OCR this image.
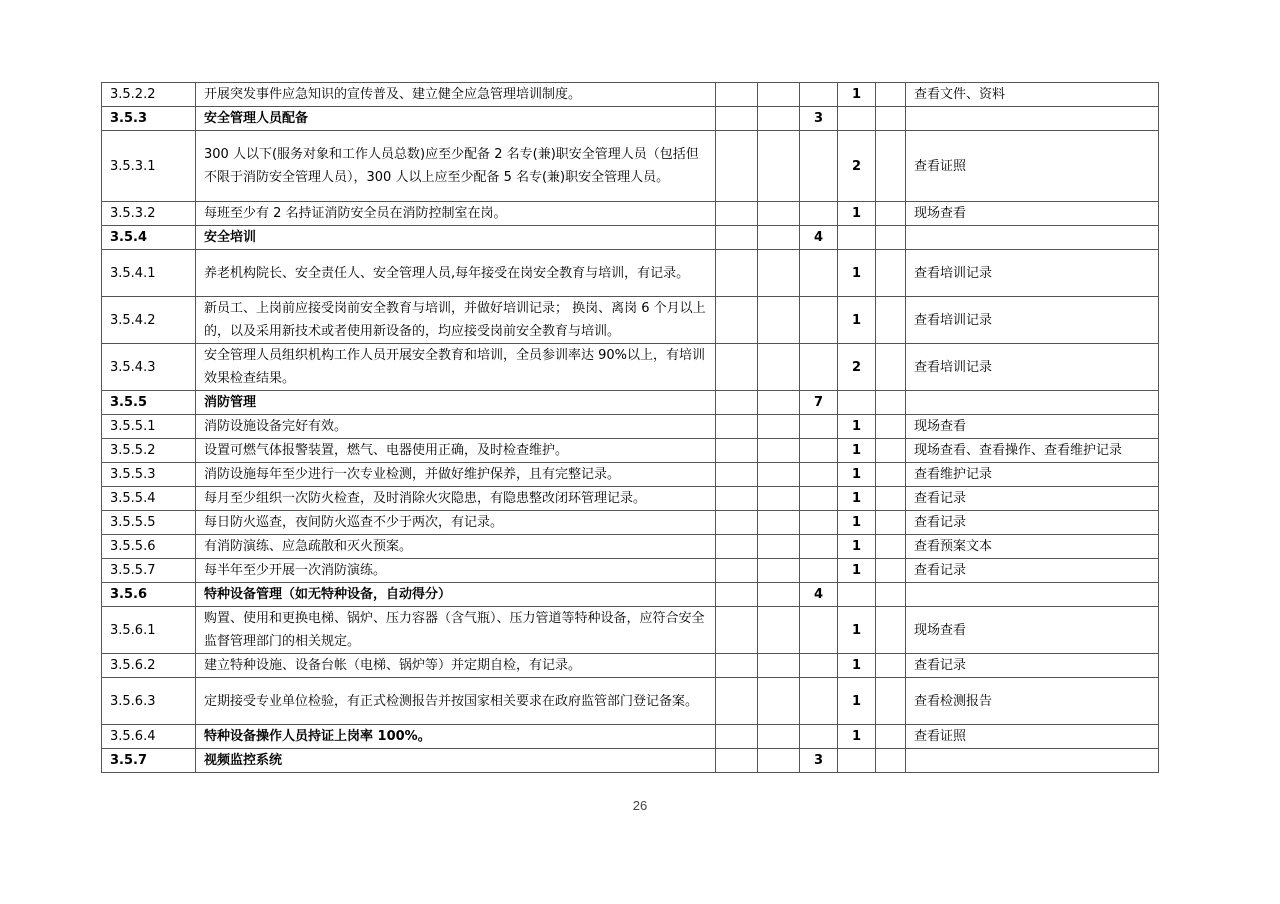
3.5.2.2	开展突发事件应急知识的宣传普及、建立健全应急管理培训制度。				1		查看文件、资料
3.5.3	安全管理人员配备			3			
3.5.3.1	300 人以下(服务对象和工作人员总数)应至少配备 2 名专(兼)职安全管理人员（包括但不限于消防安全管理人员），300 人以上应至少配备 5 名专(兼)职安全管理人员。				2		查看证照
3.5.3.2	每班至少有 2 名持证消防安全员在消防控制室在岗。				1		现场查看
3.5.4	安全培训			4			
3.5.4.1	养老机构院长、安全责任人、安全管理人员,每年接受在岗安全教育与培训，有记录。				1		查看培训记录
3.5.4.2	新员工、上岗前应接受岗前安全教育与培训，并做好培训记录； 换岗、离岗 6 个月以上的，以及采用新技术或者使用新设备的，均应接受岗前安全教育与培训。				1		查看培训记录
3.5.4.3	安全管理人员组织机构工作人员开展安全教育和培训，全员参训率达 90%以上，有培训效果检查结果。				2		查看培训记录
3.5.5	消防管理			7			
3.5.5.1	消防设施设备完好有效。				1		现场查看
3.5.5.2	设置可燃气体报警装置，燃气、电器使用正确，及时检查维护。				1		现场查看、查看操作、查看维护记录
3.5.5.3	消防设施每年至少进行一次专业检测，并做好维护保养，且有完整记录。				1		查看维护记录
3.5.5.4	每月至少组织一次防火检查，及时消除火灾隐患，有隐患整改闭环管理记录。				1		查看记录
3.5.5.5	每日防火巡查，夜间防火巡查不少于两次，有记录。				1		查看记录
3.5.5.6	有消防演练、应急疏散和灭火预案。				1		查看预案文本
3.5.5.7	每半年至少开展一次消防演练。				1		查看记录
3.5.6	特种设备管理（如无特种设备，自动得分）			4			
3.5.6.1	购置、使用和更换电梯、锅炉、压力容器（含气瓶）、压力管道等特种设备，应符合安全监督管理部门的相关规定。				1		现场查看
3.5.6.2	建立特种设施、设备台帐（电梯、锅炉等）并定期自检，有记录。				1		查看记录
3.5.6.3	定期接受专业单位检验，有正式检测报告并按国家相关要求在政府监管部门登记备案。				1		查看检测报告
3.5.6.4	特种设备操作人员持证上岗率 100%。				1		查看证照
3.5.7	视频监控系统			3			
26
